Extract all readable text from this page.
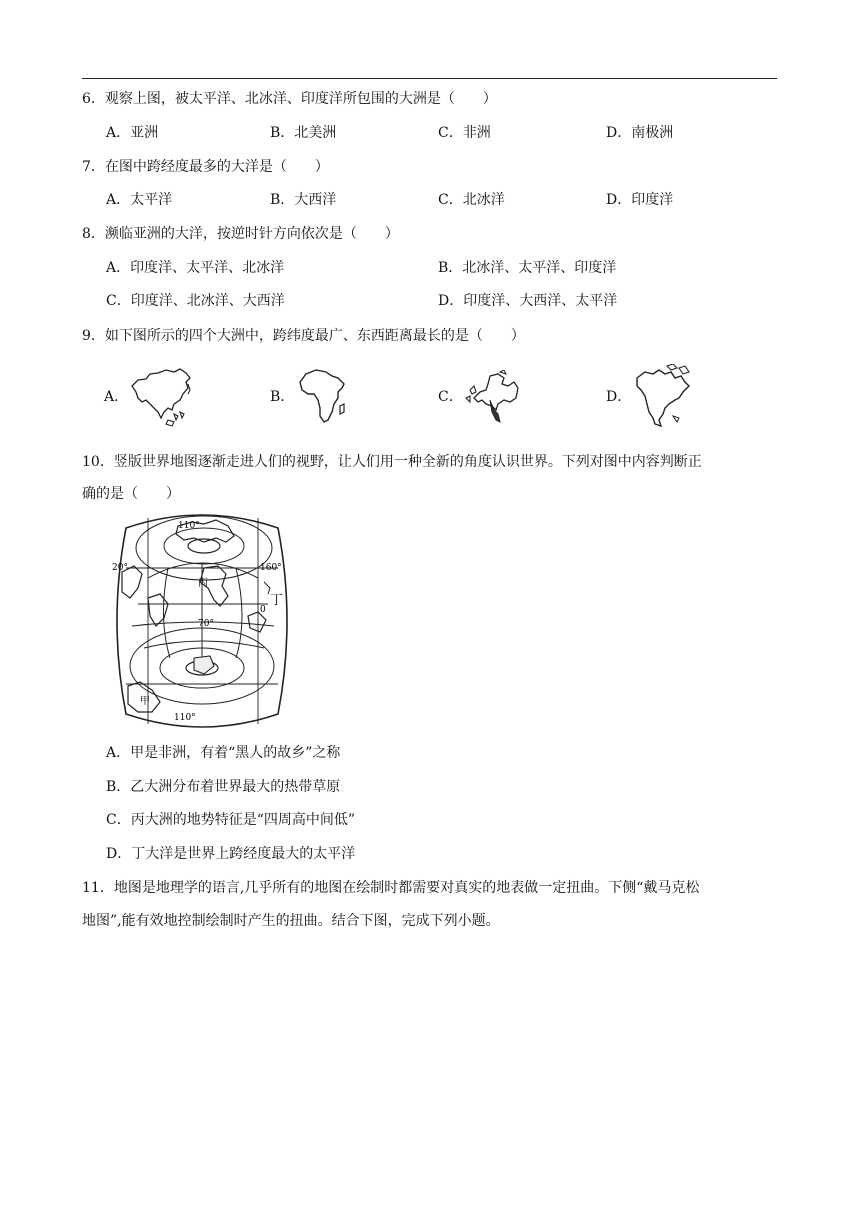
6．观察上图，被太平洋、北冰洋、印度洋所包围的大洲是（　　）
A．亚洲	B．北美洲	C．非洲	D．南极洲
7．在图中跨经度最多的大洋是（　　）
A．太平洋	B．大西洋	C．北冰洋	D．印度洋
8．濒临亚洲的大洋，按逆时针方向依次是（　　）
A．印度洋、太平洋、北冰洋	B．北冰洋、太平洋、印度洋
C．印度洋、北冰洋、大西洋	D．印度洋、大西洋、太平洋
9．如下图所示的四个大洲中，跨纬度最广、东西距离最长的是（　　）
A．	B．	C．	D．
10．竖版世界地图逐渐走进人们的视野，让人们用一种全新的角度认识世界。下列对图中内容判断正
确的是（　　）
110°
20°	160°
丙
丁
0
70°
甲
110°
A．甲是非洲，有着“黑人的故乡”之称
B．乙大洲分布着世界最大的热带草原
C．丙大洲的地势特征是“四周高中间低”
D．丁大洋是世界上跨经度最大的太平洋
11．地图是地理学的语言,几乎所有的地图在绘制时都需要对真实的地表做一定扭曲。下侧“戴马克松
地图”,能有效地控制绘制时产生的扭曲。结合下图，完成下列小题。
